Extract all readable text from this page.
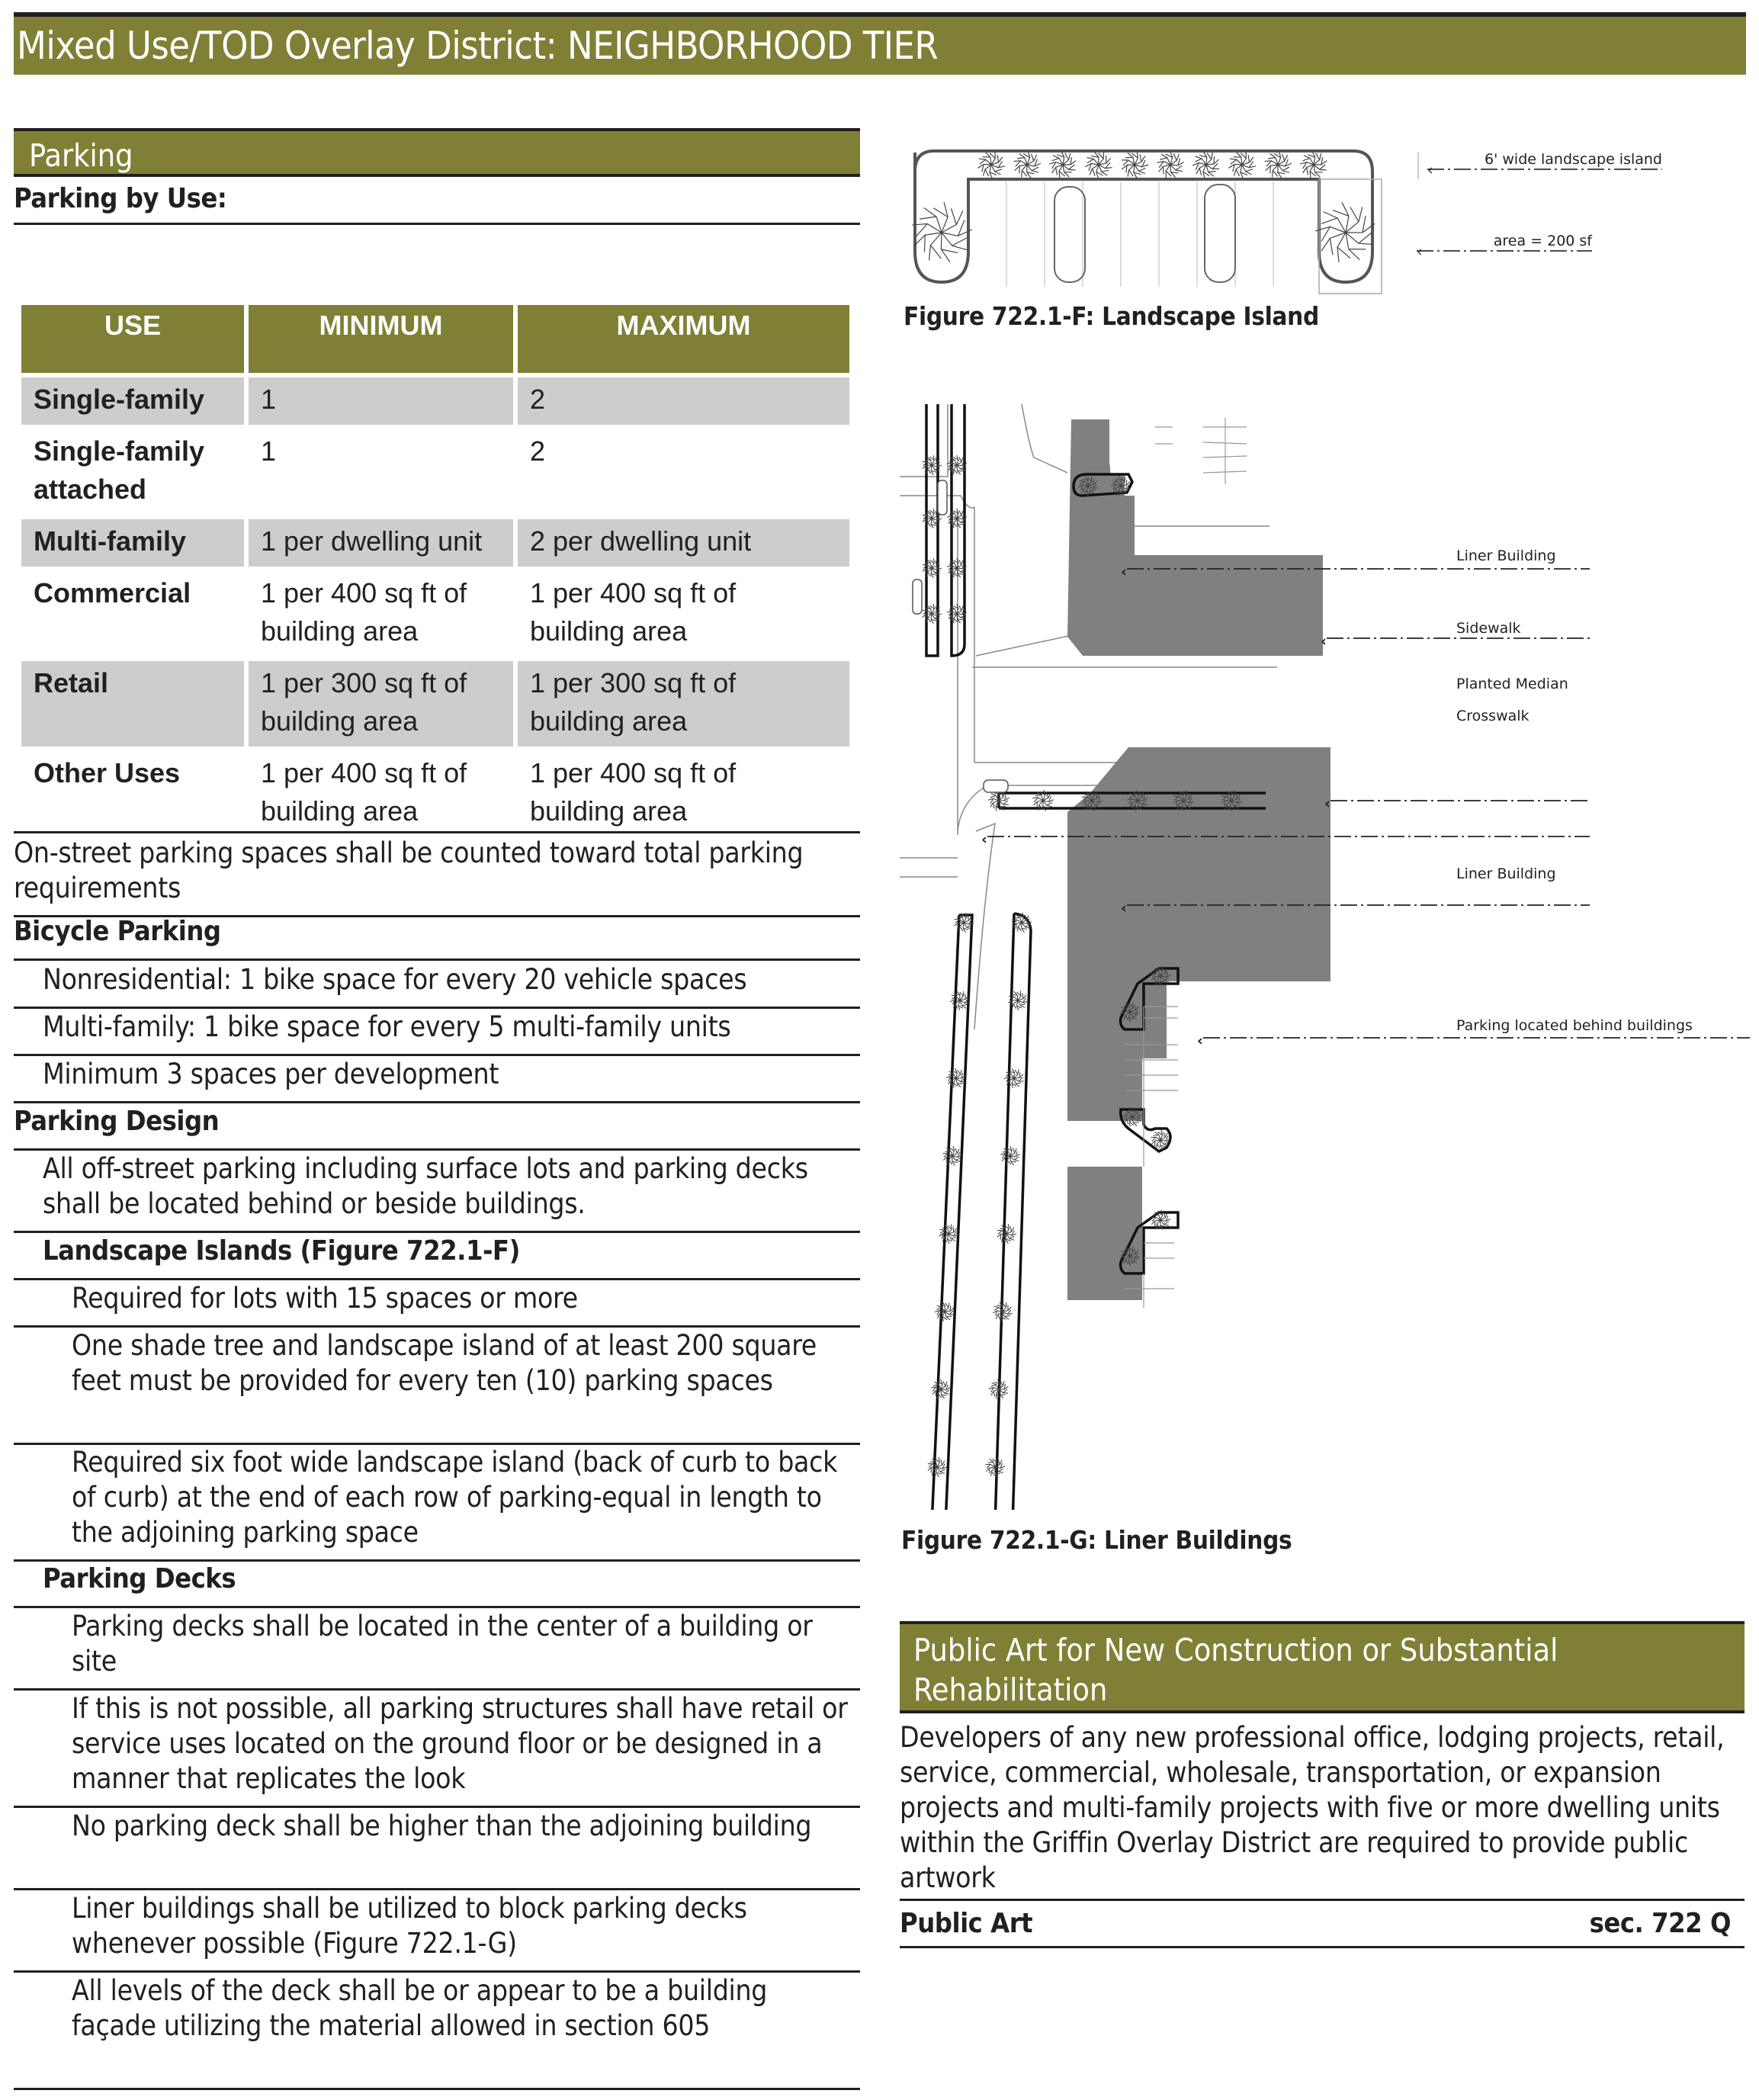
Mixed Use/TOD Overlay District: NEIGHBORHOOD TIER
Parking
Parking by Use:
USE	MINIMUM	MAXIMUM
Single-family	1	2
Single-family attached	1	2
Multi-family	1 per dwelling unit	2 per dwelling unit
Commercial	1 per 400 sq ft of building area	1 per 400 sq ft of building area
Retail	1 per 300 sq ft of building area	1 per 300 sq ft of building area
Other Uses	1 per 400 sq ft of building area	1 per 400 sq ft of building area
On-street parking spaces shall be counted toward total parking requirements
Bicycle Parking
Nonresidential: 1 bike space for every 20 vehicle spaces
Multi-family: 1 bike space for every 5 multi-family units
Minimum 3 spaces per development
Parking Design
All off-street parking including surface lots and parking decks shall be located behind or beside buildings.
Landscape Islands (Figure 722.1-F)
Required for lots with 15 spaces or more
One shade tree and landscape island of at least 200 square feet must be provided for every ten (10) parking spaces
Required six foot wide landscape island (back of curb to back of curb) at the end of each row of parking-equal in length to the adjoining parking space
Parking Decks
Parking decks shall be located in the center of a building or site
If this is not possible, all parking structures shall have retail or service uses located on the ground floor or be designed in a manner that replicates the look
No parking deck shall be higher than the adjoining building
Liner buildings shall be utilized to block parking decks whenever possible (Figure 722.1-G)
All levels of the deck shall be or appear to be a building façade utilizing the material allowed in section 605
‹
‹
6' wide landscape island
area = 200 sf
Figure 722.1-F: Landscape Island
‹
‹
‹
‹
‹
‹
Liner Building
Sidewalk
Planted Median
Crosswalk
Liner Building
Parking located behind buildings
Figure 722.1-G: Liner Buildings
Public Art for New Construction or Substantial Rehabilitation
Developers of any new professional office, lodging projects, retail, service, commercial, wholesale, transportation, or expansion projects and multi-family projects with five or more dwelling units within the Griffin Overlay District are required to provide public artwork
Public Art	sec. 722 Q
